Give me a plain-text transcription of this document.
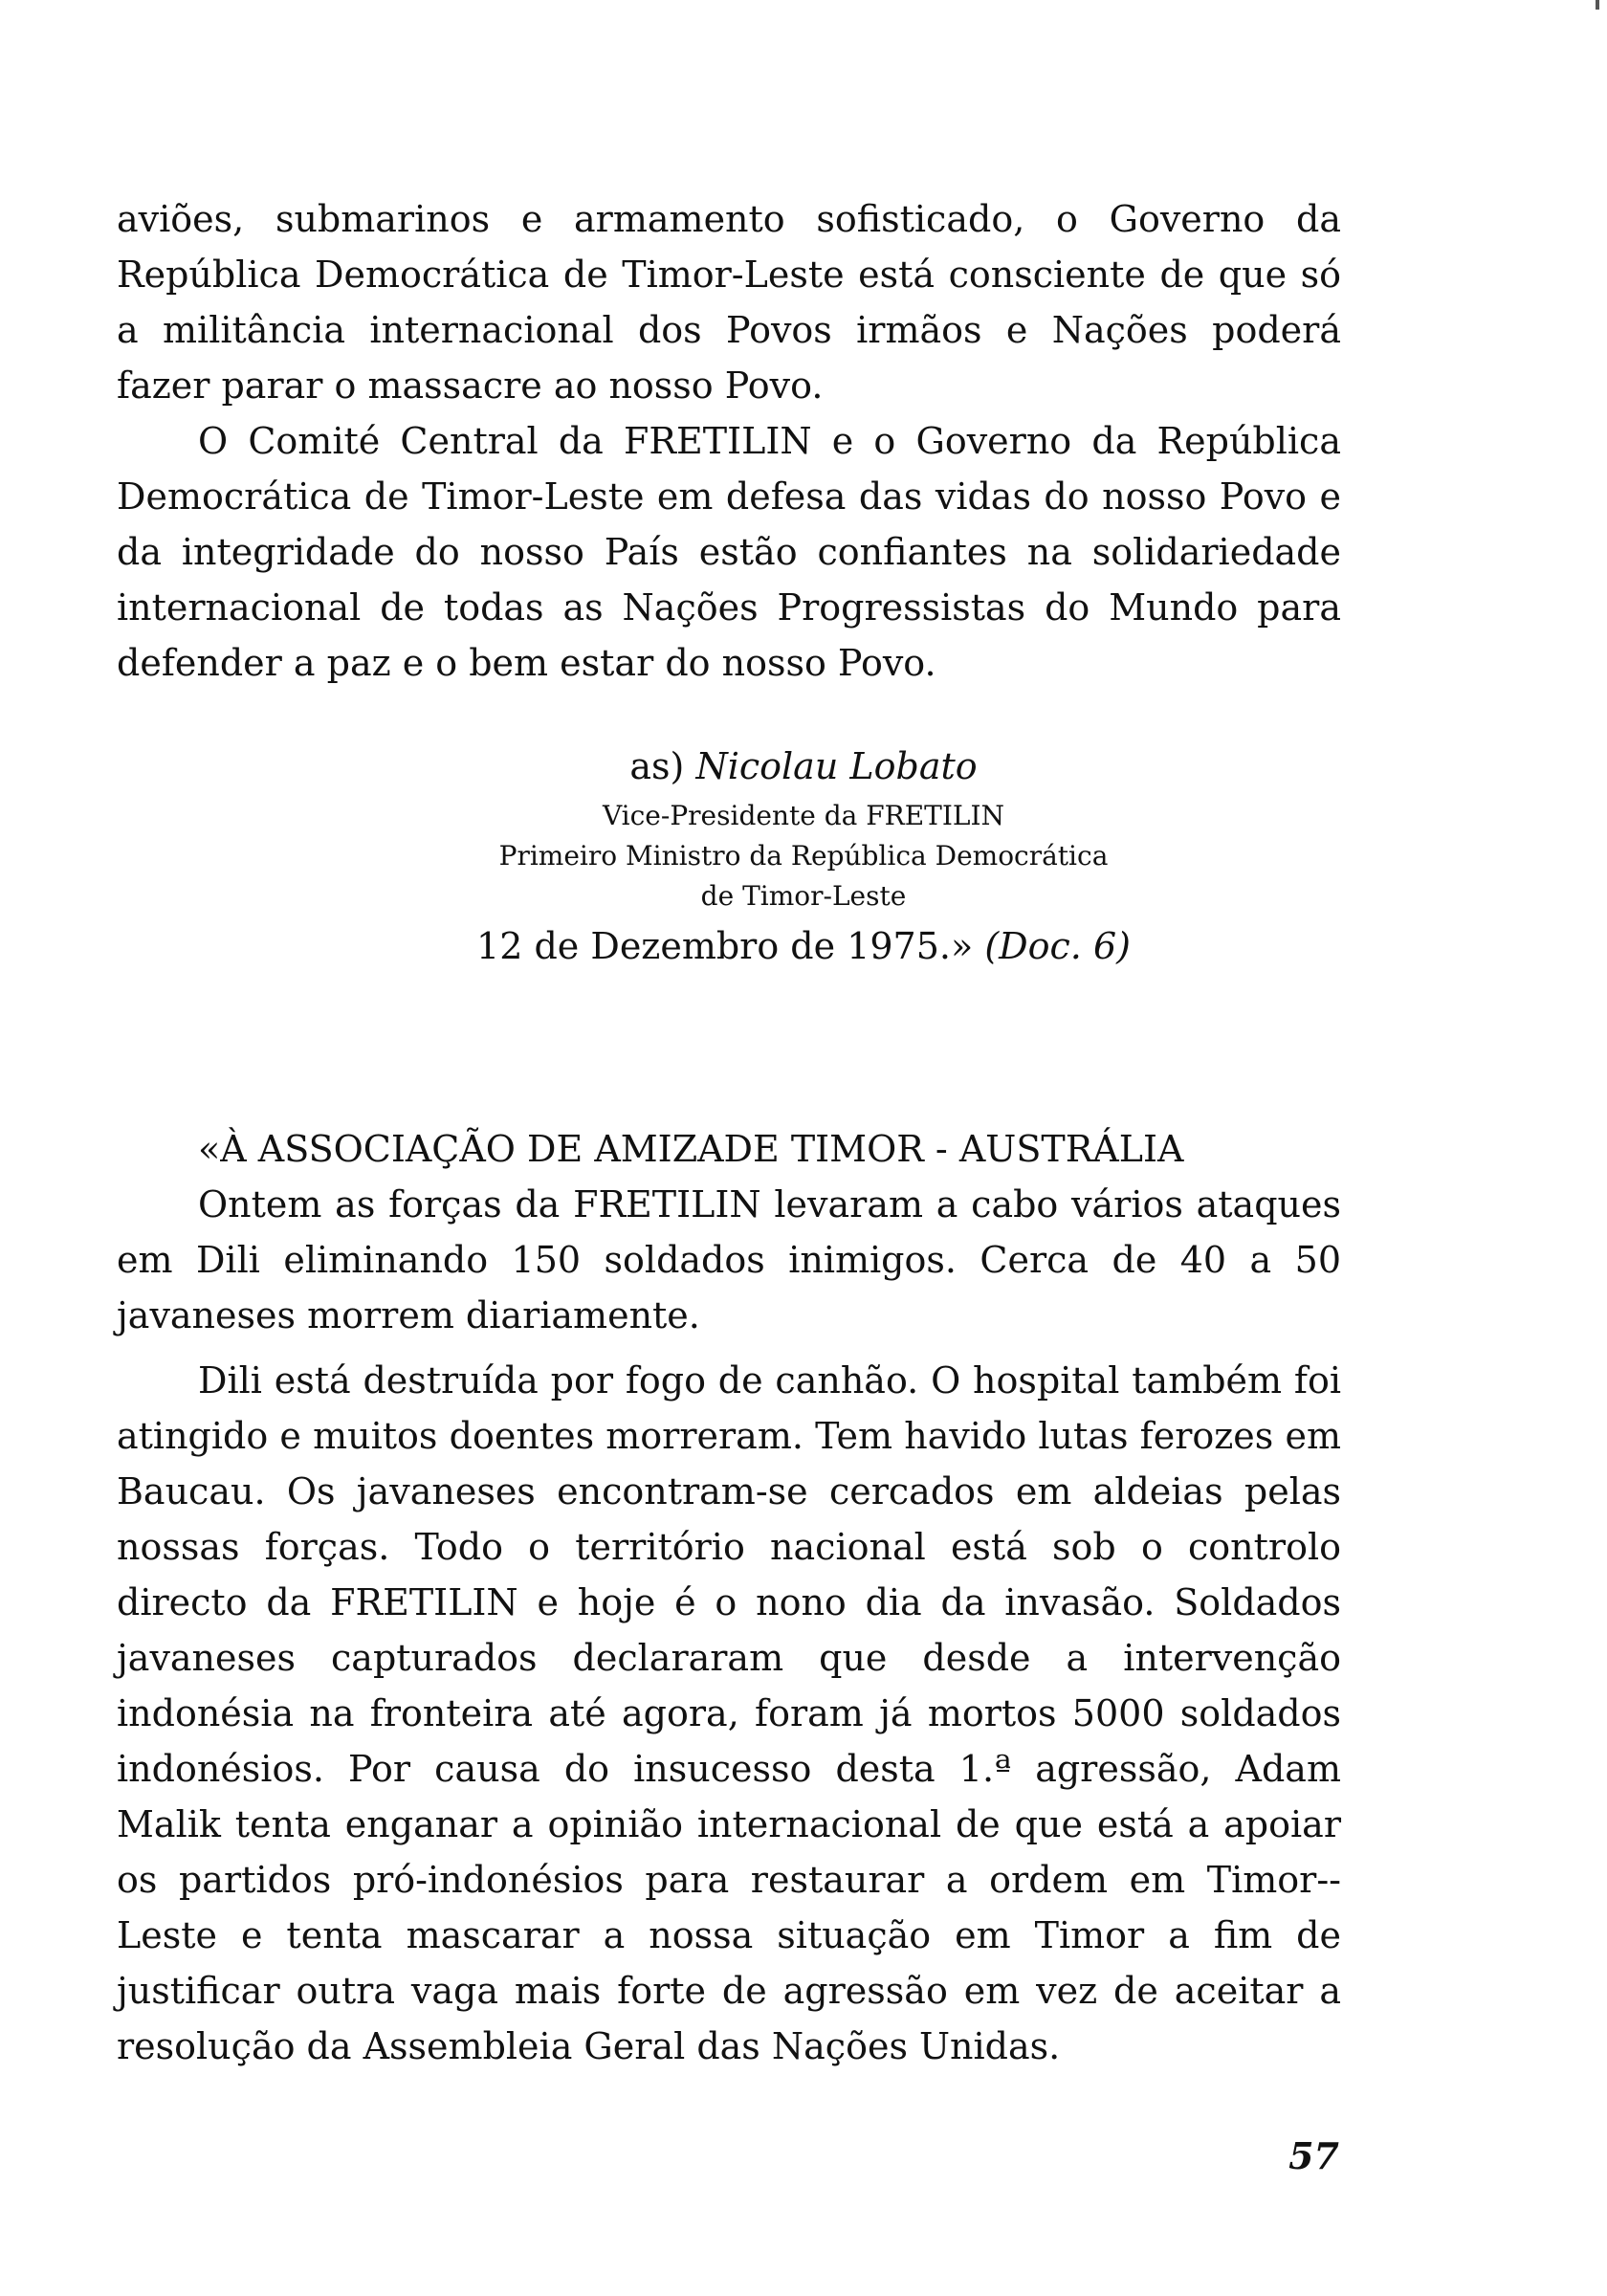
aviões, submarinos e armamento sofisticado, o Governo da República Democrática de Timor-Leste está consciente de que só a militância internacional dos Povos irmãos e Nações poderá fazer parar o massacre ao nosso Povo.

O Comité Central da FRETILIN e o Governo da República Democrática de Timor-Leste em defesa das vidas do nosso Povo e da integridade do nosso País estão confiantes na solidariedade internacional de todas as Nações Progressistas do Mundo para defender a paz e o bem estar do nosso Povo.

as) Nicolau Lobato
Vice-Presidente da FRETILIN
Primeiro Ministro da República Democrática
de Timor-Leste
12 de Dezembro de 1975.» (Doc. 6)

«À ASSOCIAÇÃO DE AMIZADE TIMOR - AUSTRÁLIA

Ontem as forças da FRETILIN levaram a cabo vários ataques em Dili eliminando 150 soldados inimigos. Cerca de 40 a 50 javaneses morrem diariamente.

Dili está destruída por fogo de canhão. O hospital também foi atingido e muitos doentes morreram. Tem havido lutas ferozes em Baucau. Os javaneses encontram-se cercados em aldeias pelas nossas forças. Todo o território nacional está sob o controlo directo da FRETILIN e hoje é o nono dia da invasão. Soldados javaneses capturados declararam que desde a intervenção indonésia na fronteira até agora, foram já mortos 5000 soldados indonésios. Por causa do insucesso desta 1.ª agressão, Adam Malik tenta enganar a opinião internacional de que está a apoiar os partidos pró-indonésios para restaurar a ordem em Timor--Leste e tenta mascarar a nossa situação em Timor a fim de justificar outra vaga mais forte de agressão em vez de aceitar a resolução da Assembleia Geral das Nações Unidas.

57
